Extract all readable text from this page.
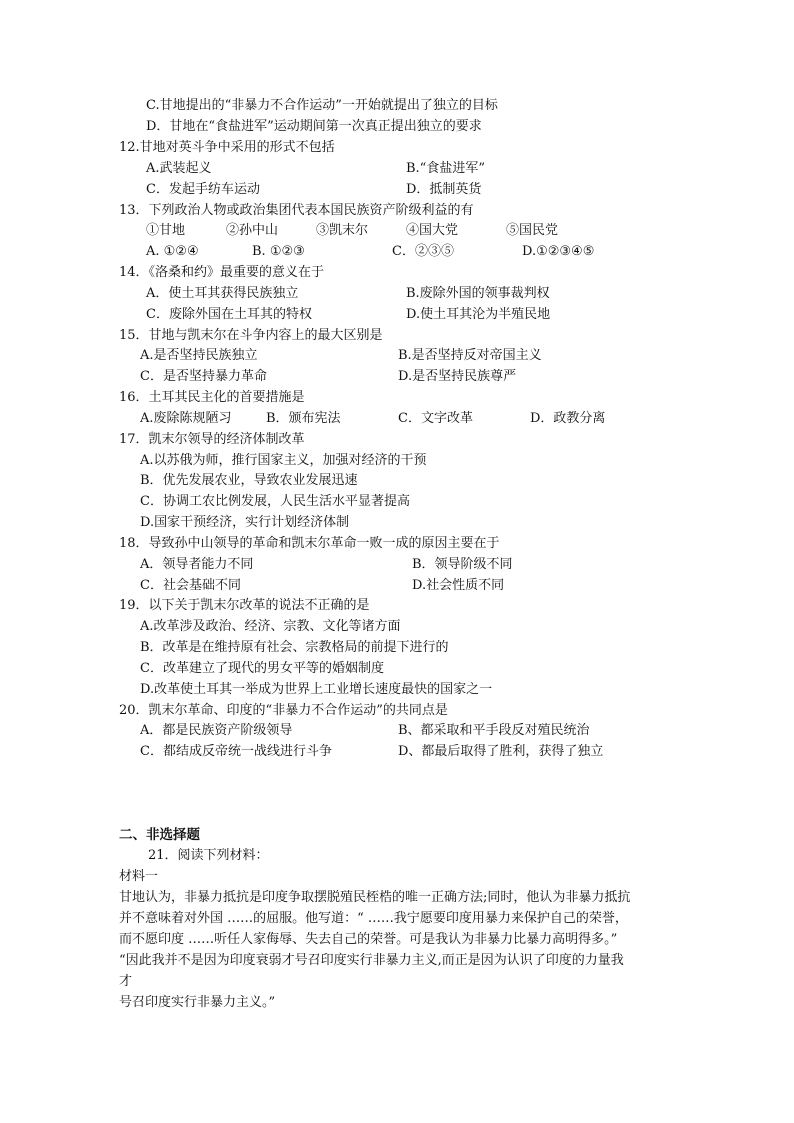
C.甘地提出的“非暴力不合作运动”一开始就提出了独立的目标
D．甘地在“食盐进军”运动期间第一次真正提出独立的要求
12.甘地对英斗争中采用的形式不包括
A.武装起义	B.“食盐进军”
C．发起手纺车运动	D．抵制英货
13．下列政治人物或政治集团代表本国民族资产阶级利益的有
①甘地	②孙中山	③凯末尔	④国大党	⑤国民党
A. ①②④	B. ①②③	C．②③⑤	D.①②③④⑤
14．《洛桑和约》最重要的意义在于
A．使土耳其获得民族独立	B.废除外国的领事裁判权
C．废除外国在土耳其的特权	D.使土耳其沦为半殖民地
15．甘地与凯末尔在斗争内容上的最大区别是
A.是否坚持民族独立	B.是否坚持反对帝国主义
C．是否坚持暴力革命	D.是否坚持民族尊严
16．土耳其民主化的首要措施是
A.废除陈规陋习	B．颁布宪法	C．文字改革	D．政教分离
17．凯末尔领导的经济体制改革
A.以苏俄为师，推行国家主义，加强对经济的干预
B．优先发展农业，导致农业发展迅速
C．协调工农比例发展，人民生活水平显著提高
D.国家干预经济，实行计划经济体制
18．导致孙中山领导的革命和凯末尔革命一败一成的原因主要在于
A．领导者能力不同	B．领导阶级不同
C．社会基础不同	D.社会性质不同
19．以下关于凯末尔改革的说法不正确的是
A.改革涉及政治、经济、宗教、文化等诸方面
B．改革是在维持原有社会、宗教格局的前提下进行的
C．改革建立了现代的男女平等的婚姻制度
D.改革使土耳其一举成为世界上工业增长速度最快的国家之一
20．凯末尔革命、印度的“非暴力不合作运动”的共同点是
A．都是民族资产阶级领导	B、都采取和平手段反对殖民统治
C．都结成反帝统一战线进行斗争	D、都最后取得了胜利，获得了独立
二、非选择题
21．阅读下列材料：
材料一
甘地认为，非暴力抵抗是印度争取摆脱殖民桎梏的唯一正确方法;同时，他认为非暴力抵抗
并不意味着对外国 ……的屈服。他写道：“ ……我宁愿要印度用暴力来保护自己的荣誉，
而不愿印度 ……听任人家侮辱、失去自己的荣誉。可是我认为非暴力比暴力高明得多。”
“因此我并不是因为印度衰弱才号召印度实行非暴力主义,而正是因为认识了印度的力量我
才
号召印度实行非暴力主义。”
